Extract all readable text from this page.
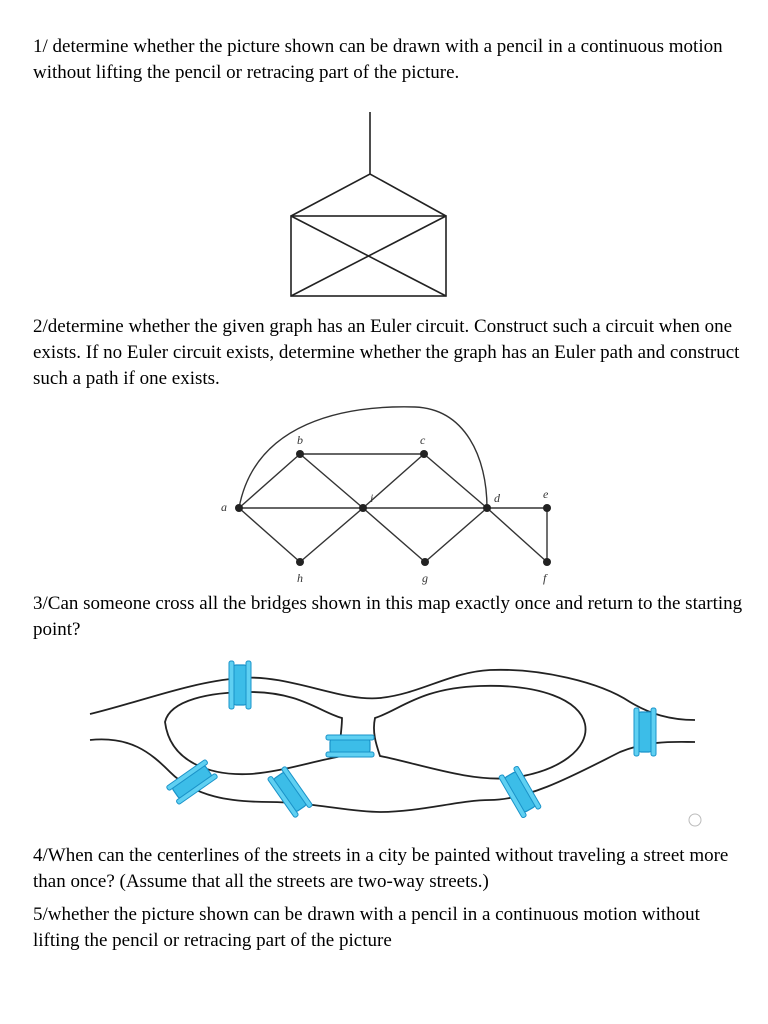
1/ determine whether the picture shown can be drawn with a pencil in a continuous motion without lifting the pencil or retracing part of the picture.

2/determine whether the given graph has an Euler circuit. Construct such a circuit when one exists. If no Euler circuit exists, determine whether the graph has an Euler path and construct such a path if one exists.

a
b	c
d	e
f
g
h
i

3/Can someone cross all the bridges shown in this map exactly once and return to the starting point?

4/When can the centerlines of the streets in a city be painted without traveling a street more than once? (Assume that all the streets are two-way streets.)

5/whether the picture shown can be drawn with a pencil in a continuous motion without lifting the pencil or retracing part of the picture
